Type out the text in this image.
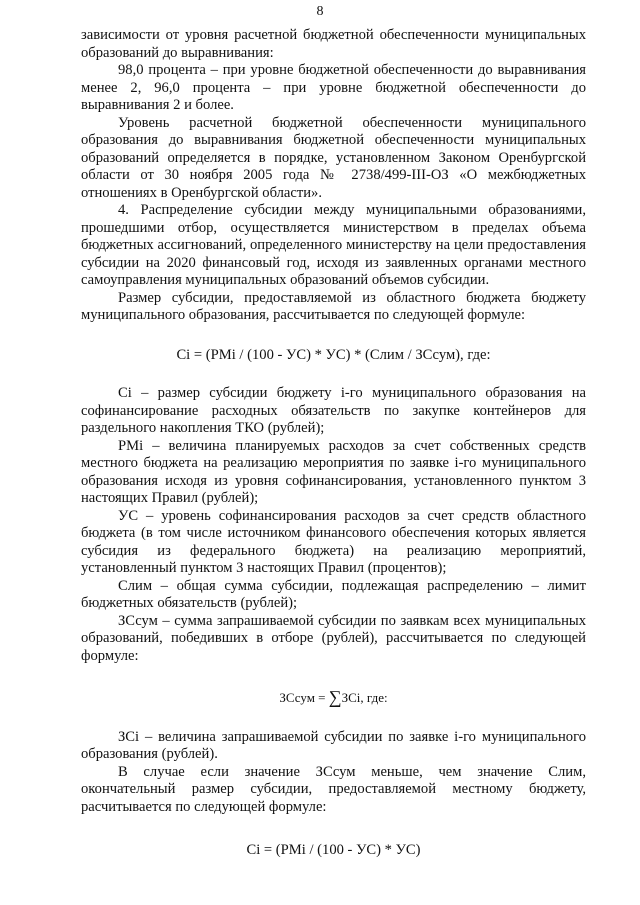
8

зависимости от уровня расчетной бюджетной обеспеченности муниципальных образований до выравнивания:

98,0 процента – при уровне бюджетной обеспеченности до выравнивания менее 2, 96,0 процента – при уровне бюджетной обеспеченности до выравнивания 2 и более.

Уровень расчетной бюджетной обеспеченности муниципального образования до выравнивания бюджетной обеспеченности муниципальных образований определяется в порядке, установленном Законом Оренбургской области от 30 ноября 2005 года № 2738/499-III-ОЗ «О межбюджетных отношениях в Оренбургской области».

4. Распределение субсидии между муниципальными образованиями, прошедшими отбор, осуществляется министерством в пределах объема бюджетных ассигнований, определенного министерству на цели предоставления субсидии на 2020 финансовый год, исходя из заявленных органами местного самоуправления муниципальных образований объемов субсидии.

Размер субсидии, предоставляемой из областного бюджета бюджету муниципального образования, рассчитывается по следующей формуле:

Сi = (PMi / (100 - УС) * УС) * (Слим / ЗСсум), где:

Сi – размер субсидии бюджету i-го муниципального образования на софинансирование расходных обязательств по закупке контейнеров для раздельного накопления ТКО (рублей);

PMi – величина планируемых расходов за счет собственных средств местного бюджета на реализацию мероприятия по заявке i-го муниципального образования исходя из уровня софинансирования, установленного пунктом 3 настоящих Правил (рублей);

УС – уровень софинансирования расходов за счет средств областного бюджета (в том числе источником финансового обеспечения которых является субсидия из федерального бюджета) на реализацию мероприятий, установленный пунктом 3 настоящих Правил (процентов);

Слим – общая сумма субсидии, подлежащая распределению – лимит бюджетных обязательств (рублей);

ЗСсум – сумма запрашиваемой субсидии по заявкам всех муниципальных образований, победивших в отборе (рублей), рассчитывается по следующей формуле:

ЗСсум = ∑ЗСi, где:

ЗСi – величина запрашиваемой субсидии по заявке i-го муниципального образования (рублей).

В случае если значение ЗСсум меньше, чем значение Слим, окончательный размер субсидии, предоставляемой местному бюджету, расчитывается по следующей формуле:

Сi = (PMi / (100 - УС) * УС)
